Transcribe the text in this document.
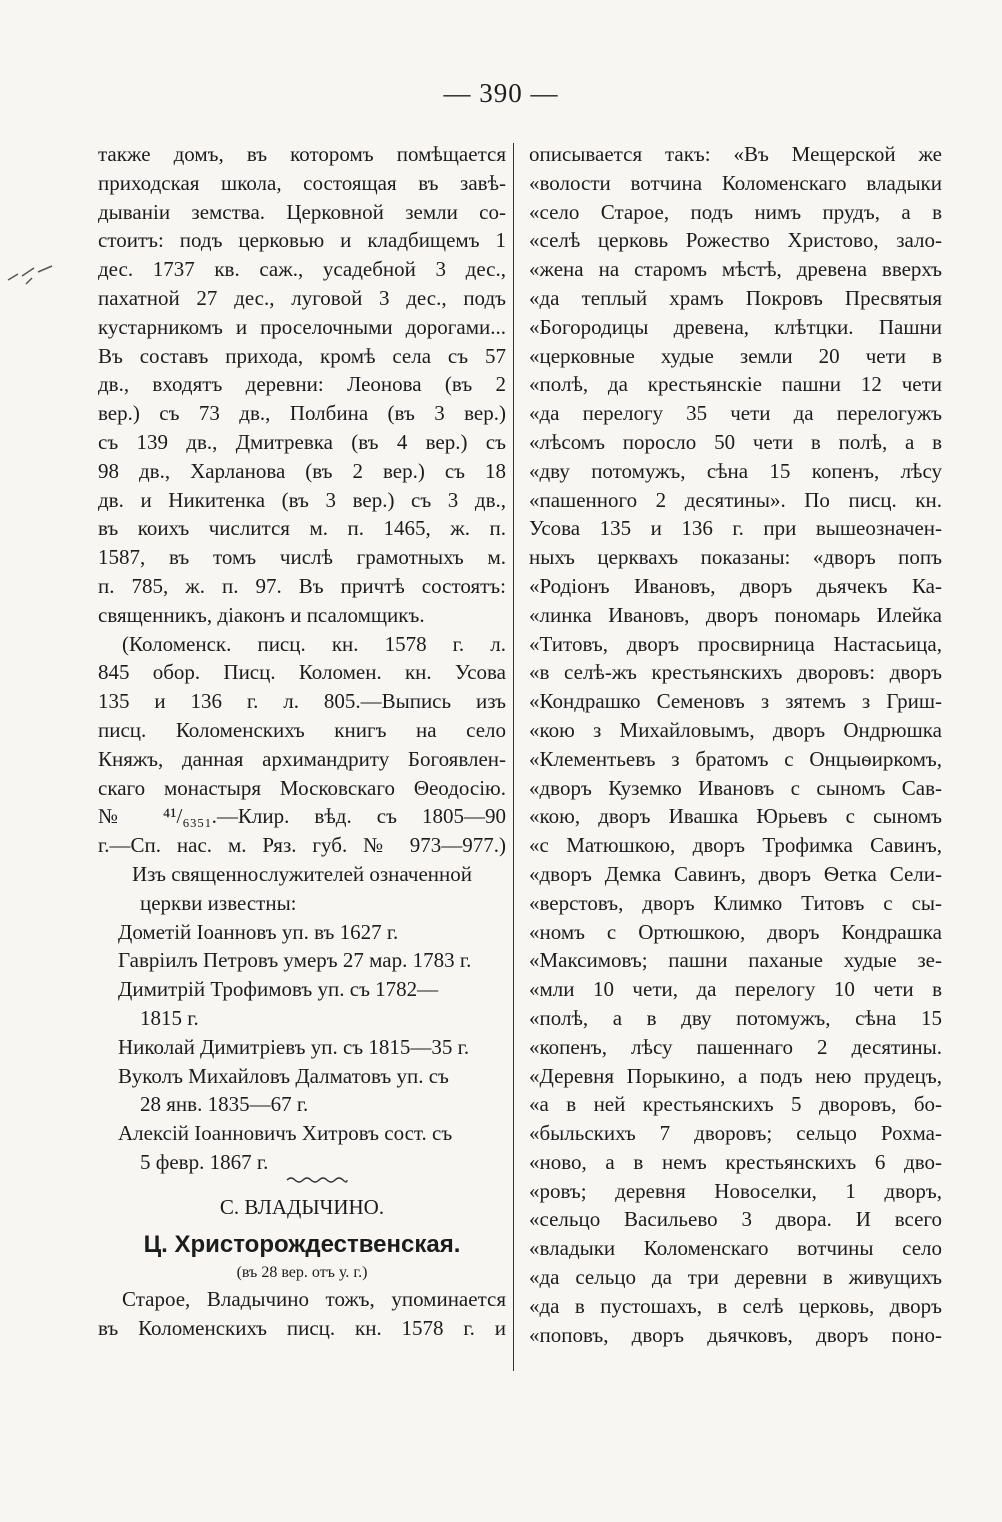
— 390 —
также домъ, въ которомъ помѣщается
приходская школа, состоящая въ завѣ-
дываніи земства. Церковной земли со-
стоитъ: подъ церковью и кладбищемъ 1
дес. 1737 кв. саж., усадебной 3 дес.,
пахатной 27 дес., луговой 3 дес., подъ
кустарникомъ и проселочными дорогами...
Въ составъ прихода, кромѣ села съ 57
дв., входятъ деревни: Леонова (въ 2
вер.) съ 73 дв., Полбина (въ 3 вер.)
съ 139 дв., Дмитревка (въ 4 вер.) съ
98 дв., Харланова (въ 2 вер.) съ 18
дв. и Никитенка (въ 3 вер.) съ 3 дв.,
въ коихъ числится м. п. 1465, ж. п.
1587, въ томъ числѣ грамотныхъ м.
п. 785, ж. п. 97. Въ причтѣ состоятъ:
свящeнникъ, діаконъ и псаломщикъ.
(Коломенск. писц. кн. 1578 г. л.
845 обор. Писц. Коломен. кн. Усова
135 и 136 г. л. 805.—Выпись изъ
писц. Коломенскихъ книгъ на село
Княжъ, данная архимандриту Богоявлен-
скаго монастыря Московскаго Θеодосію.
№ ⁴¹/₆₃₅₁.—Клир. вѣд. съ 1805—90
г.—Сп. нас. м. Ряз. губ. № 973—977.)
Изъ священнослужителей означенной
церкви известны:
Дометій Іоанновъ уп. въ 1627 г.
Гавріилъ Петровъ умеръ 27 мар. 1783 г.
Димитрій Трофимовъ уп. съ 1782—
1815 г.
Николай Димитріевъ уп. съ 1815—35 г.
Вуколъ Михайловъ Далматовъ уп. съ
28 янв. 1835—67 г.
Алексій Іоанновичъ Хитровъ сост. съ
5 февр. 1867 г.
С. ВЛАДЫЧИНО.
Ц. Христорождественская.
(въ 28 вер. отъ у. г.)
Старое, Владычино тожъ, упоминается
въ Коломенскихъ писц. кн. 1578 г. и
описывается такъ: «Въ Мещерской же
«волости вотчина Коломенскаго владыки
«село Старое, подъ нимъ прудъ, а в
«селѣ церковь Рожество Христово, зало-
«жена на старомъ мѣстѣ, древена вверхъ
«да теплый храмъ Покровъ Пресвятыя
«Богородицы древена, клѣтцки. Пашни
«церковные худые земли 20 чети в
«полѣ, да крестьянскіе пашни 12 чети
«да перелогу 35 чети да перелогужъ
«лѣсомъ поросло 50 чети в полѣ, а в
«дву потомужъ, сѣна 15 копенъ, лѣсу
«пашенного 2 десятины». По писц. кн.
Усова 135 и 136 г. при вышеозначен-
ныхъ церквахъ показаны: «дворъ попъ
«Родіонъ Ивановъ, дворъ дьячекъ Ка-
«линка Ивановъ, дворъ пономарь Илейка
«Титовъ, дворъ просвирница Настасьица,
«в селѣ-жъ крестьянскихъ дворовъ: дворъ
«Кондрашко Семеновъ з зятемъ з Гриш-
«кою з Михайловымъ, дворъ Ондрюшка
«Клементьевъ з братомъ с Онцыѳиркомъ,
«дворъ Куземко Ивановъ с сыномъ Сав-
«кою, дворъ Ивашка Юрьевъ с сыномъ
«с Матюшкою, дворъ Трофимка Савинъ,
«дворъ Демка Савинъ, дворъ Ѳетка Сели-
«верстовъ, дворъ Климко Титовъ с сы-
«номъ с Ортюшкою, дворъ Кондрашка
«Максимовъ; пашни паханые худые зе-
«мли 10 чети, да перелогу 10 чети в
«полѣ, а в дву потомужъ, сѣна 15
«копенъ, лѣсу пашеннаго 2 десятины.
«Деревня Порыкино, а подъ нею прудецъ,
«а в ней крестьянскихъ 5 дворовъ, бо-
«быльскихъ 7 дворовъ; сельцо Рохма-
«ново, а в немъ крестьянскихъ 6 дво-
«ровъ; деревня Новоселки, 1 дворъ,
«сельцо Васильево 3 двора. И всего
«владыки Коломенскаго вотчины село
«да сельцо да три деревни в живущихъ
«да в пустошахъ, в селѣ церковь, дворъ
«поповъ, дворъ дьячковъ, дворъ поно-
